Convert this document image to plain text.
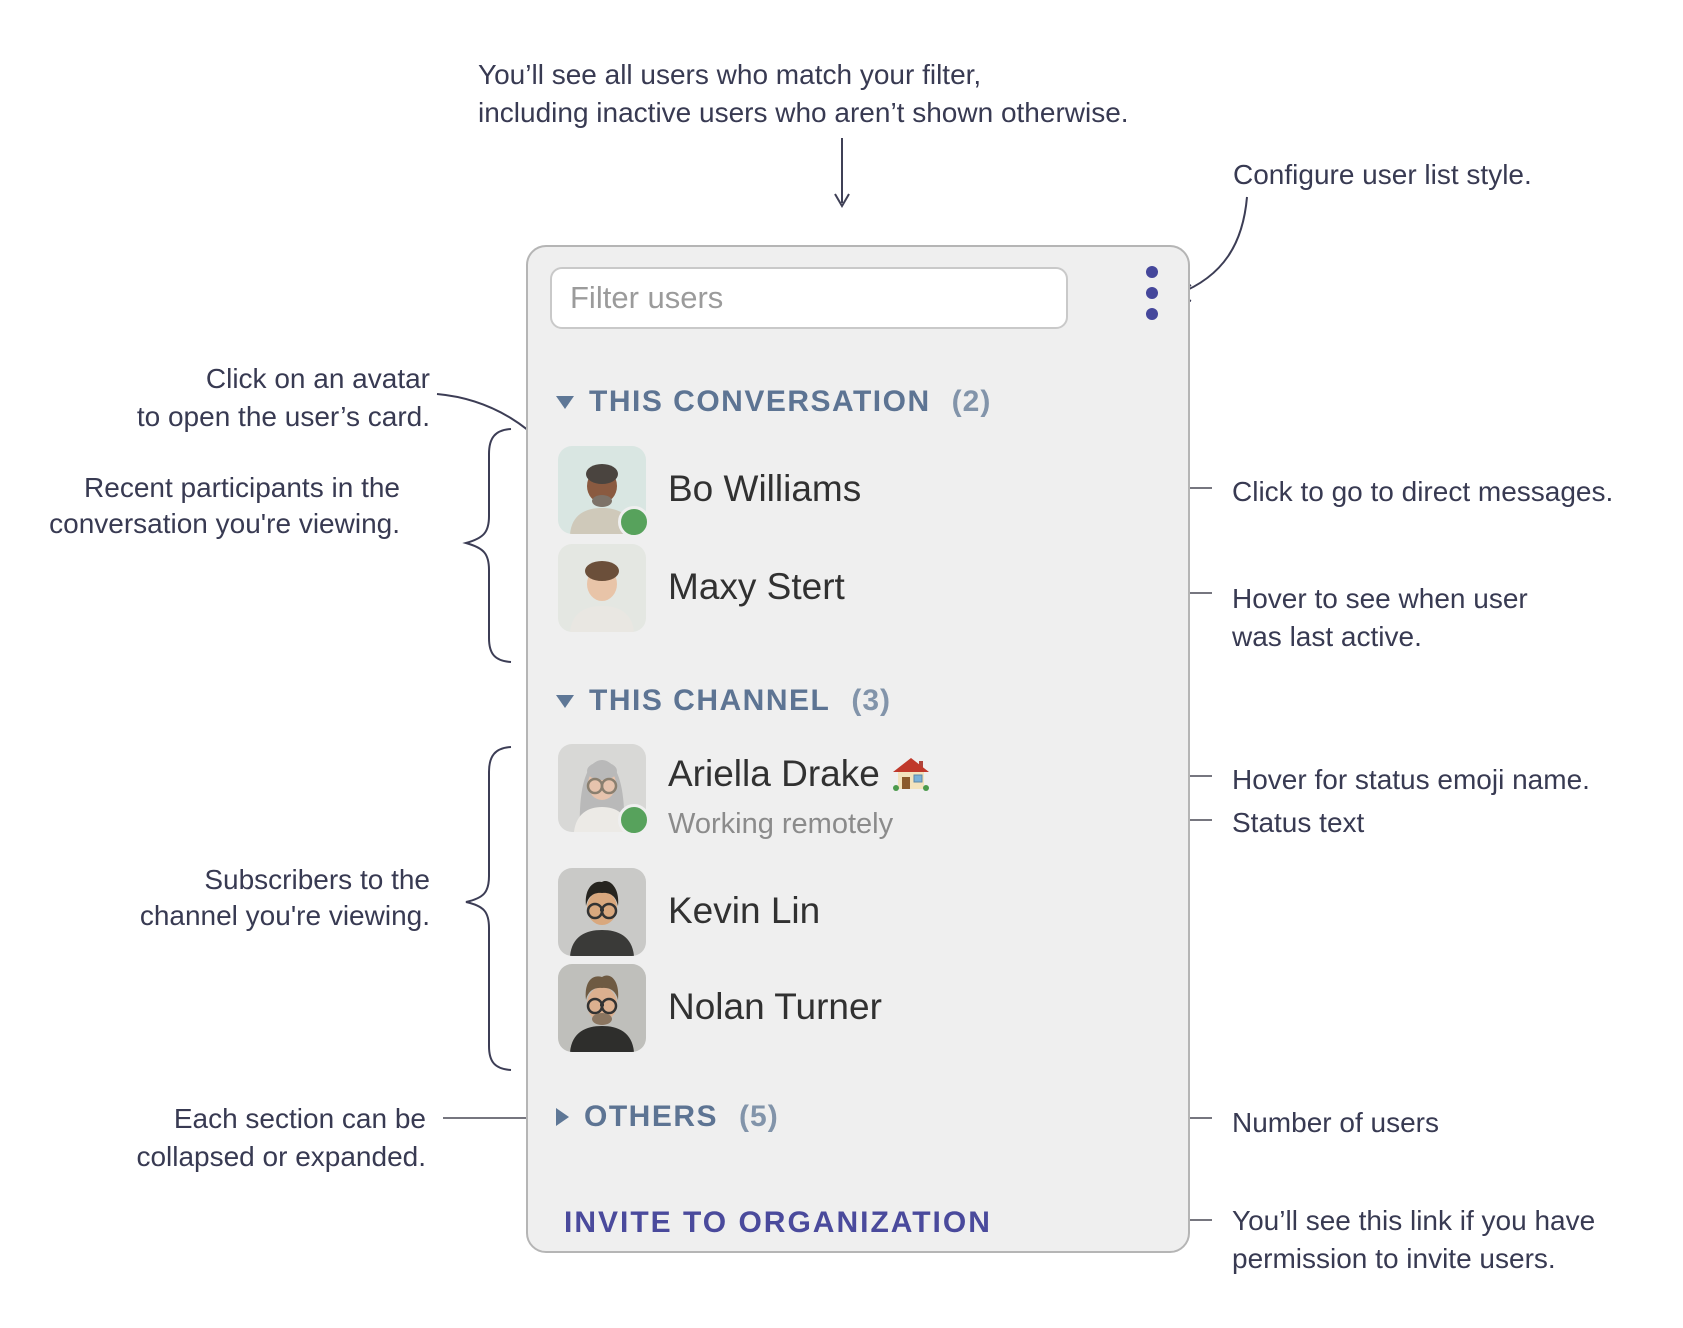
You’ll see all users who match your filter,
including inactive users who aren’t shown otherwise.
Configure user list style.
Click on an avatar
to open the user’s card.
Recent participants in the
conversation you're viewing.
Subscribers to the
channel you're viewing.
Each section can be
collapsed or expanded.
Click to go to direct messages.
Hover to see when user
was last active.
Hover for status emoji name.
Status text
Number of users
You’ll see this link if you have
permission to invite users.
Filter users
THIS CONVERSATION (2)
Bo Williams
Maxy Stert
THIS CHANNEL (3)
Ariella Drake
Working remotely
Kevin Lin
Nolan Turner
OTHERS (5)
INVITE TO ORGANIZATION
